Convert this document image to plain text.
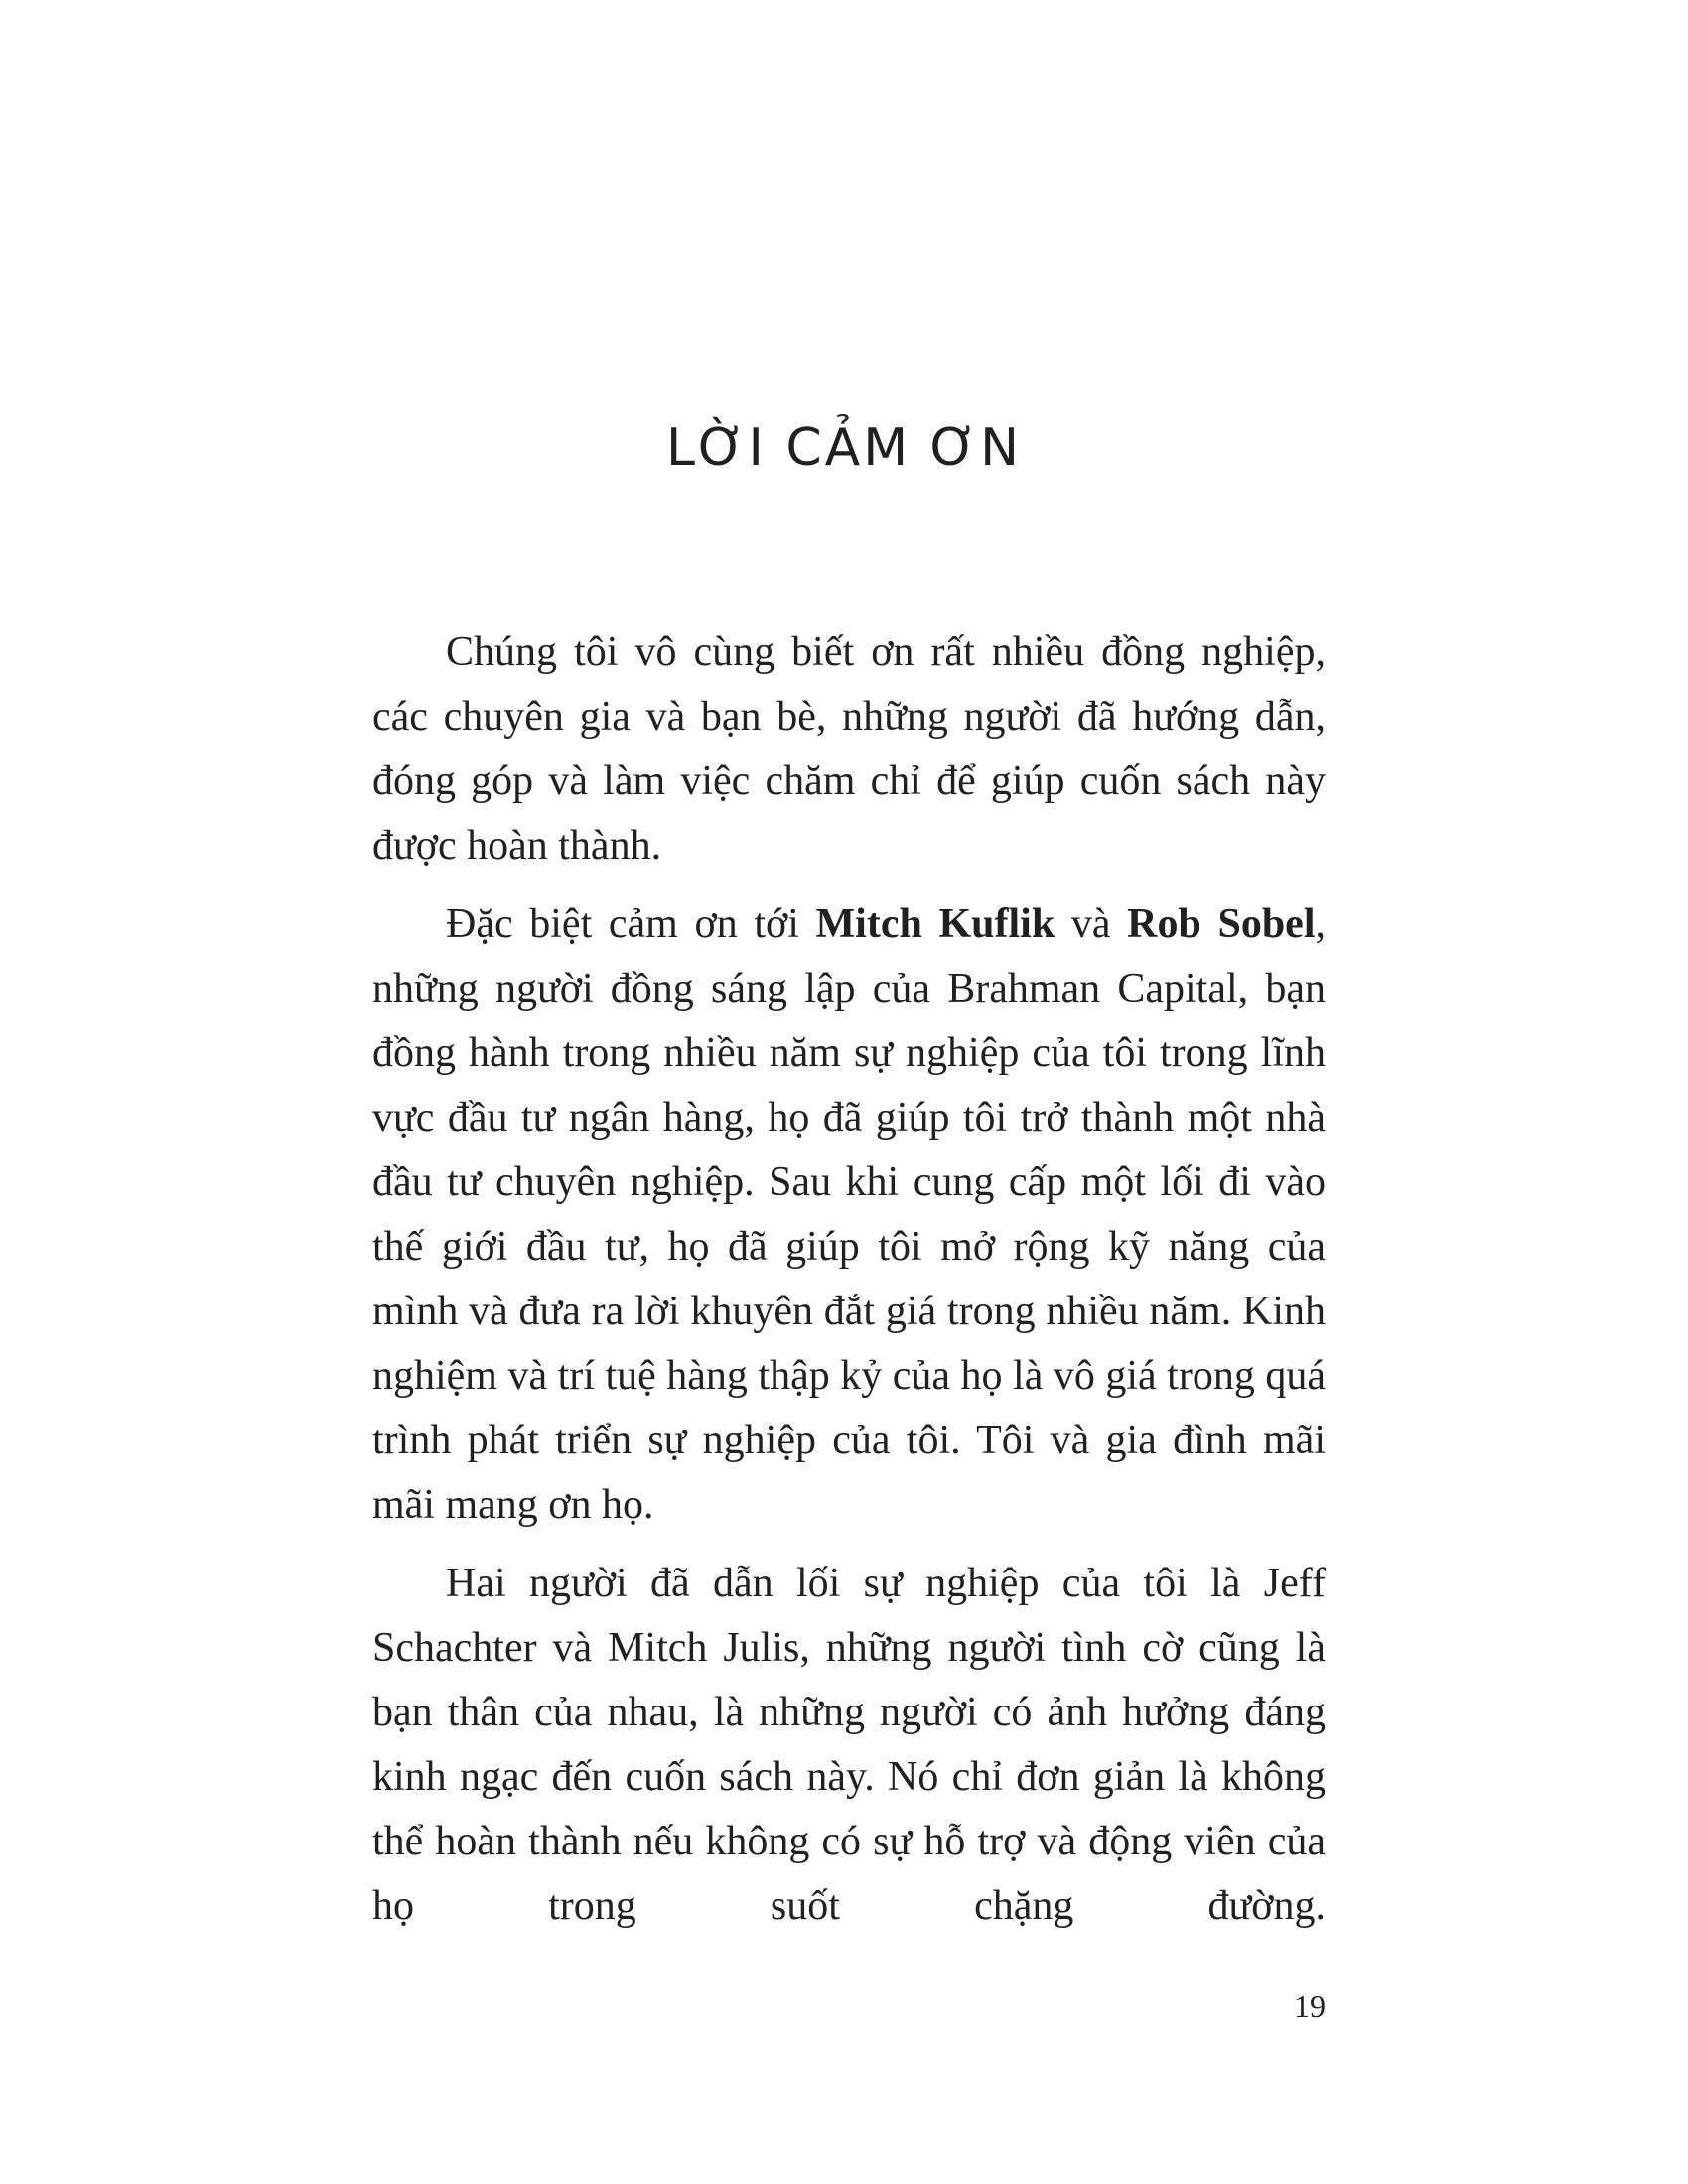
LỜI CẢM ƠN

Chúng tôi vô cùng biết ơn rất nhiều đồng nghiệp, các chuyên gia và bạn bè, những người đã hướng dẫn, đóng góp và làm việc chăm chỉ để giúp cuốn sách này được hoàn thành.

Đặc biệt cảm ơn tới Mitch Kuflik và Rob Sobel, những người đồng sáng lập của Brahman Capital, bạn đồng hành trong nhiều năm sự nghiệp của tôi trong lĩnh vực đầu tư ngân hàng, họ đã giúp tôi trở thành một nhà đầu tư chuyên nghiệp. Sau khi cung cấp một lối đi vào thế giới đầu tư, họ đã giúp tôi mở rộng kỹ năng của mình và đưa ra lời khuyên đắt giá trong nhiều năm. Kinh nghiệm và trí tuệ hàng thập kỷ của họ là vô giá trong quá trình phát triển sự nghiệp của tôi. Tôi và gia đình mãi mãi mang ơn họ.

Hai người đã dẫn lối sự nghiệp của tôi là Jeff Schachter và Mitch Julis, những người tình cờ cũng là bạn thân của nhau, là những người có ảnh hưởng đáng kinh ngạc đến cuốn sách này. Nó chỉ đơn giản là không thể hoàn thành nếu không có sự hỗ trợ và động viên của họ trong suốt chặng đường.

19
